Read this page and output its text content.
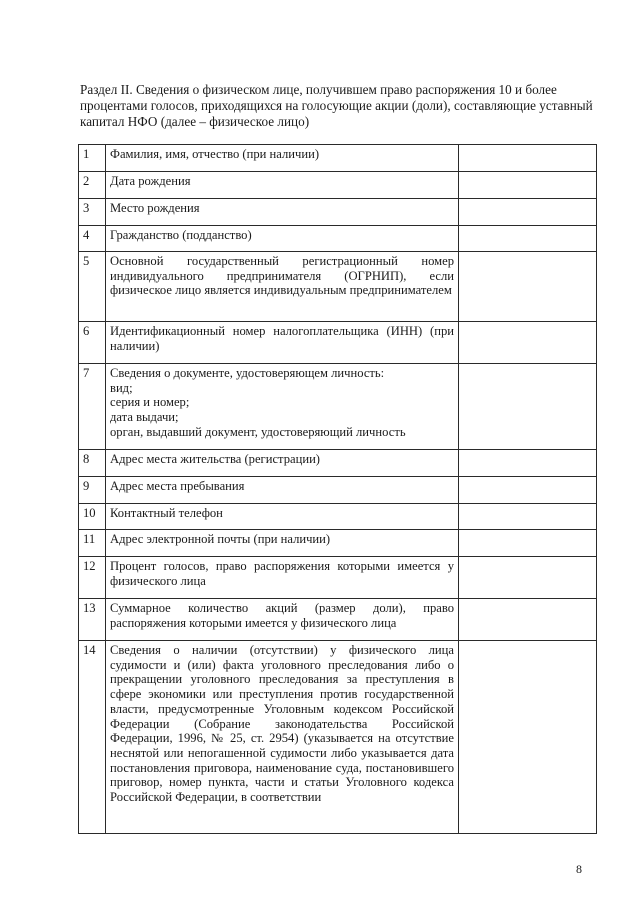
Раздел II. Сведения о физическом лице, получившем право распоряжения 10 и более процентами голосов, приходящихся на голосующие акции (доли), составляющие уставный капитал НФО (далее – физическое лицо)
1	Фамилия, имя, отчество (при наличии)	
2	Дата рождения	
3	Место рождения	
4	Гражданство (подданство)	
5	Основной государственный регистрационный номер индивидуального предпринимателя (ОГРНИП), если физическое лицо является индивидуальным предпринимателем	
6	Идентификационный номер налогоплательщика (ИНН) (при наличии)	
7	Сведения о документе, удостоверяющем личность:
вид;
серия и номер;
дата выдачи;
орган, выдавший документ, удостоверяющий личность	

8	Адрес места жительства (регистрации)	
9	Адрес места пребывания	
10	Контактный телефон	
11	Адрес электронной почты (при наличии)	
12	Процент голосов, право распоряжения которыми имеется у физического лица	
13	Суммарное количество акций (размер доли), право распоряжения которыми имеется у физического лица	
14	Сведения о наличии (отсутствии) у физического лица судимости и (или) факта уголовного преследования либо о прекращении уголовного преследования за преступления в сфере экономики или преступления против государственной власти, предусмотренные Уголовным кодексом Российской Федерации (Собрание законодательства Российской Федерации, 1996, № 25, ст. 2954) (указывается на отсутствие неснятой или непогашенной судимости либо указывается дата постановления приговора, наименование суда, постановившего приговор, номер пункта, части и статьи Уголовного кодекса Российской Федерации, в соответствии	
8
